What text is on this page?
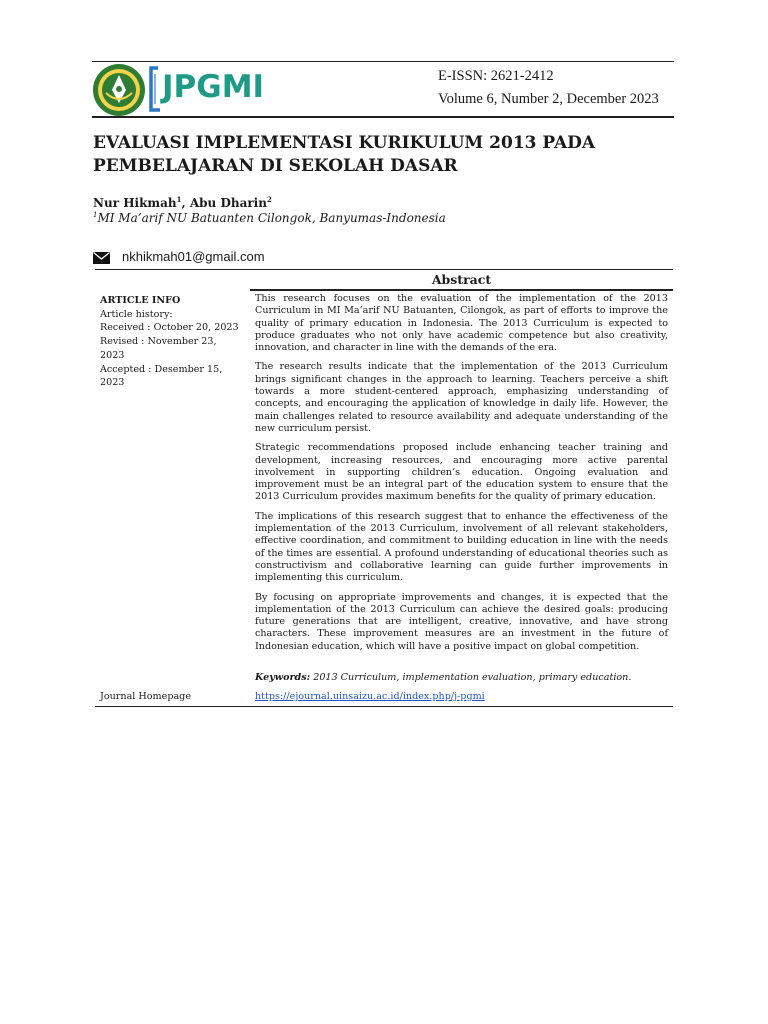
JPGMI	E-ISSN: 2621-2412
Volume 6, Number 2, December 2023
EVALUASI IMPLEMENTASI KURIKULUM 2013 PADA
PEMBELAJARAN DI SEKOLAH DASAR
Nur Hikmah$^1$, Abu Dharin$^2$
$^1$MI Ma’arif NU Batuanten Cilongok, Banyumas-Indonesia
nkhikmah01@gmail.com
Abstract
ARTICLE INFO
Article history:
Received : October 20, 2023
Revised : November 23,
2023
Accepted : Desember 15,
2023

This research focuses on the evaluation of the implementation of the 2013 Curriculum in MI Ma’arif NU Batuanten, Cilongok, as part of efforts to improve the quality of primary education in Indonesia. The 2013 Curriculum is expected to produce graduates who not only have academic competence but also creativity, innovation, and character in line with the demands of the era.

The research results indicate that the implementation of the 2013 Curriculum brings significant changes in the approach to learning. Teachers perceive a shift towards a more student-centered approach, emphasizing understanding of concepts, and encouraging the application of knowledge in daily life. However, the main challenges related to resource availability and adequate understanding of the new curriculum persist.

Strategic recommendations proposed include enhancing teacher training and development, increasing resources, and encouraging more active parental involvement in supporting children’s education. Ongoing evaluation and improvement must be an integral part of the education system to ensure that the 2013 Curriculum provides maximum benefits for the quality of primary education.

The implications of this research suggest that to enhance the effectiveness of the implementation of the 2013 Curriculum, involvement of all relevant stakeholders, effective coordination, and commitment to building education in line with the needs of the times are essential. A profound understanding of educational theories such as constructivism and collaborative learning can guide further improvements in implementing this curriculum.

By focusing on appropriate improvements and changes, it is expected that the implementation of the 2013 Curriculum can achieve the desired goals: producing future generations that are intelligent, creative, innovative, and have strong characters. These improvement measures are an investment in the future of Indonesian education, which will have a positive impact on global competition.

Keywords: 2013 Curriculum, implementation evaluation, primary education.
Journal Homepage	https://ejournal.uinsaizu.ac.id/index.php/j-pgmi
